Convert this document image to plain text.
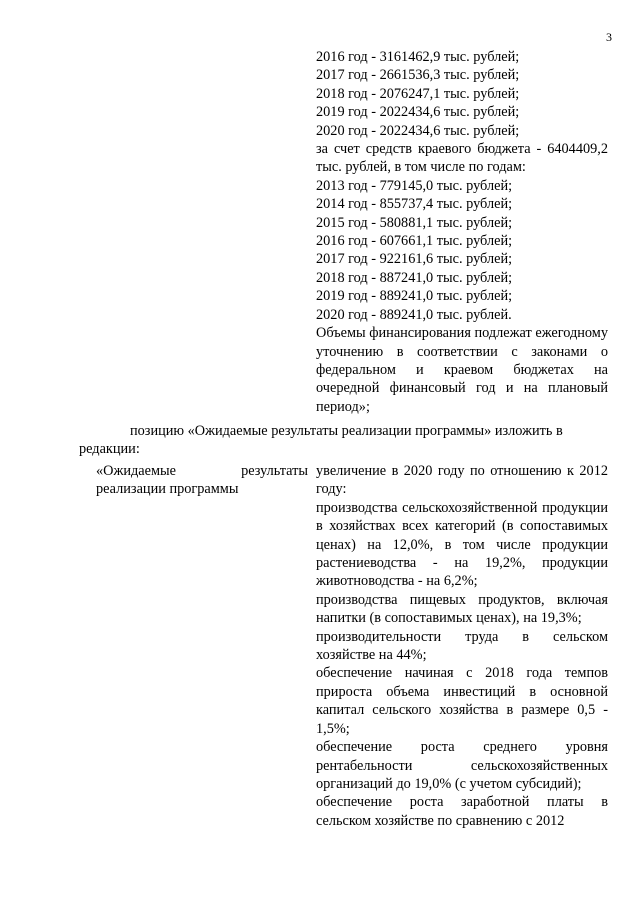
3
2016 год - 3161462,9 тыс. рублей;
2017 год - 2661536,3 тыс. рублей;
2018 год - 2076247,1 тыс. рублей;
2019 год - 2022434,6 тыс. рублей;
2020 год - 2022434,6 тыс. рублей;
за счет средств краевого бюджета - 6404409,2 тыс. рублей, в том числе по годам:
2013 год - 779145,0 тыс. рублей;
2014 год - 855737,4 тыс. рублей;
2015 год - 580881,1 тыс. рублей;
2016 год - 607661,1 тыс. рублей;
2017 год - 922161,6 тыс. рублей;
2018 год - 887241,0 тыс. рублей;
2019 год - 889241,0 тыс. рублей;
2020 год - 889241,0 тыс. рублей.
Объемы финансирования подлежат ежегодному уточнению в соответствии с законами о федеральном и краевом бюджетах на очередной финансовый год и на плановый период»;
позицию «Ожидаемые результаты реализации программы» изложить в
редакции:
«Ожидаемые результаты реализации программы

увеличение в 2020 году по отношению к 2012 году:

производства сельскохозяйственной продукции в хозяйствах всех категорий (в сопоставимых ценах) на 12,0%, в том числе продукции растениеводства - на 19,2%, продукции животноводства - на 6,2%;

производства пищевых продуктов, включая напитки (в сопоставимых ценах), на 19,3%;

производительности труда в сельском хозяйстве на 44%;

обеспечение начиная с 2018 года темпов прироста объема инвестиций в основной капитал сельского хозяйства в размере 0,5 - 1,5%;

обеспечение роста среднего уровня рентабельности сельскохозяйственных организаций до 19,0% (с учетом субсидий);

обеспечение роста заработной платы в сельском хозяйстве по сравнению с 2012
